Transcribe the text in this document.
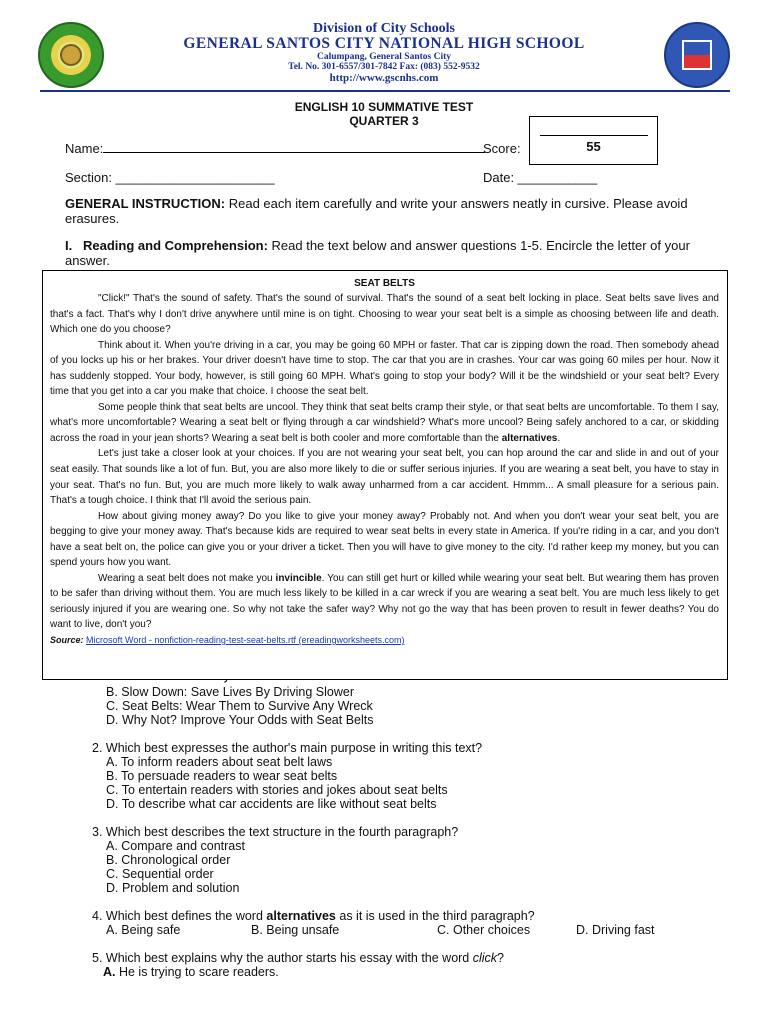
Division of City Schools
GENERAL SANTOS CITY NATIONAL HIGH SCHOOL
Calumpang, General Santos City
Tel. No. 301-6557/301-7842 Fax: (083) 552-9532
http://www.gscnhs.com
ENGLISH 10 SUMMATIVE TEST
QUARTER 3
55
Name:	Score:
Section: ______________________	Date: ___________
GENERAL INSTRUCTION: Read each item carefully and write your answers neatly in cursive. Please avoid erasures.
I. Reading and Comprehension: Read the text below and answer questions 1-5. Encircle the letter of your answer.
B. Slow Down: Save Lives By Driving Slower
C. Seat Belts: Wear Them to Survive Any Wreck
D. Why Not? Improve Your Odds with Seat Belts
2. Which best expresses the author's main purpose in writing this text?
A. To inform readers about seat belt laws
B. To persuade readers to wear seat belts
C. To entertain readers with stories and jokes about seat belts
D. To describe what car accidents are like without seat belts
3. Which best describes the text structure in the fourth paragraph?
A. Compare and contrast
B. Chronological order
C. Sequential order
D. Problem and solution
4. Which best defines the word alternatives as it is used in the third paragraph?
A. Being safe	B. Being unsafe	C. Other choices	D. Driving fast
5. Which best explains why the author starts his essay with the word click?
A. He is trying to scare readers.
SEAT BELTS

"Click!" That's the sound of safety. That's the sound of survival. That's the sound of a seat belt locking in place. Seat belts save lives and that's a fact. That's why I don't drive anywhere until mine is on tight. Choosing to wear your seat belt is a simple as choosing between life and death. Which one do you choose?

Think about it. When you're driving in a car, you may be going 60 MPH or faster. That car is zipping down the road. Then somebody ahead of you locks up his or her brakes. Your driver doesn't have time to stop. The car that you are in crashes. Your car was going 60 miles per hour. Now it has suddenly stopped. Your body, however, is still going 60 MPH. What's going to stop your body? Will it be the windshield or your seat belt? Every time that you get into a car you make that choice. I choose the seat belt.

Some people think that seat belts are uncool. They think that seat belts cramp their style, or that seat belts are uncomfortable. To them I say, what's more uncomfortable? Wearing a seat belt or flying through a car windshield? What's more uncool? Being safely anchored to a car, or skidding across the road in your jean shorts? Wearing a seat belt is both cooler and more comfortable than the alternatives.

Let's just take a closer look at your choices. If you are not wearing your seat belt, you can hop around the car and slide in and out of your seat easily. That sounds like a lot of fun. But, you are also more likely to die or suffer serious injuries. If you are wearing a seat belt, you have to stay in your seat. That's no fun. But, you are much more likely to walk away unharmed from a car accident. Hmmm... A small pleasure for a serious pain. That's a tough choice. I think that I'll avoid the serious pain.

How about giving money away? Do you like to give your money away? Probably not. And when you don't wear your seat belt, you are begging to give your money away. That's because kids are required to wear seat belts in every state in America. If you're riding in a car, and you don't have a seat belt on, the police can give you or your driver a ticket. Then you will have to give money to the city. I'd rather keep my money, but you can spend yours how you want.

Wearing a seat belt does not make you invincible. You can still get hurt or killed while wearing your seat belt. But wearing them has proven to be safer than driving without them. You are much less likely to be killed in a car wreck if you are wearing a seat belt. You are much less likely to get seriously injured if you are wearing one. So why not take the safer way? Why not go the way that has been proven to result in fewer deaths? You do want to live, don't you?

Source: Microsoft Word - nonfiction-reading-test-seat-belts.rtf (ereadingworksheets.com)
